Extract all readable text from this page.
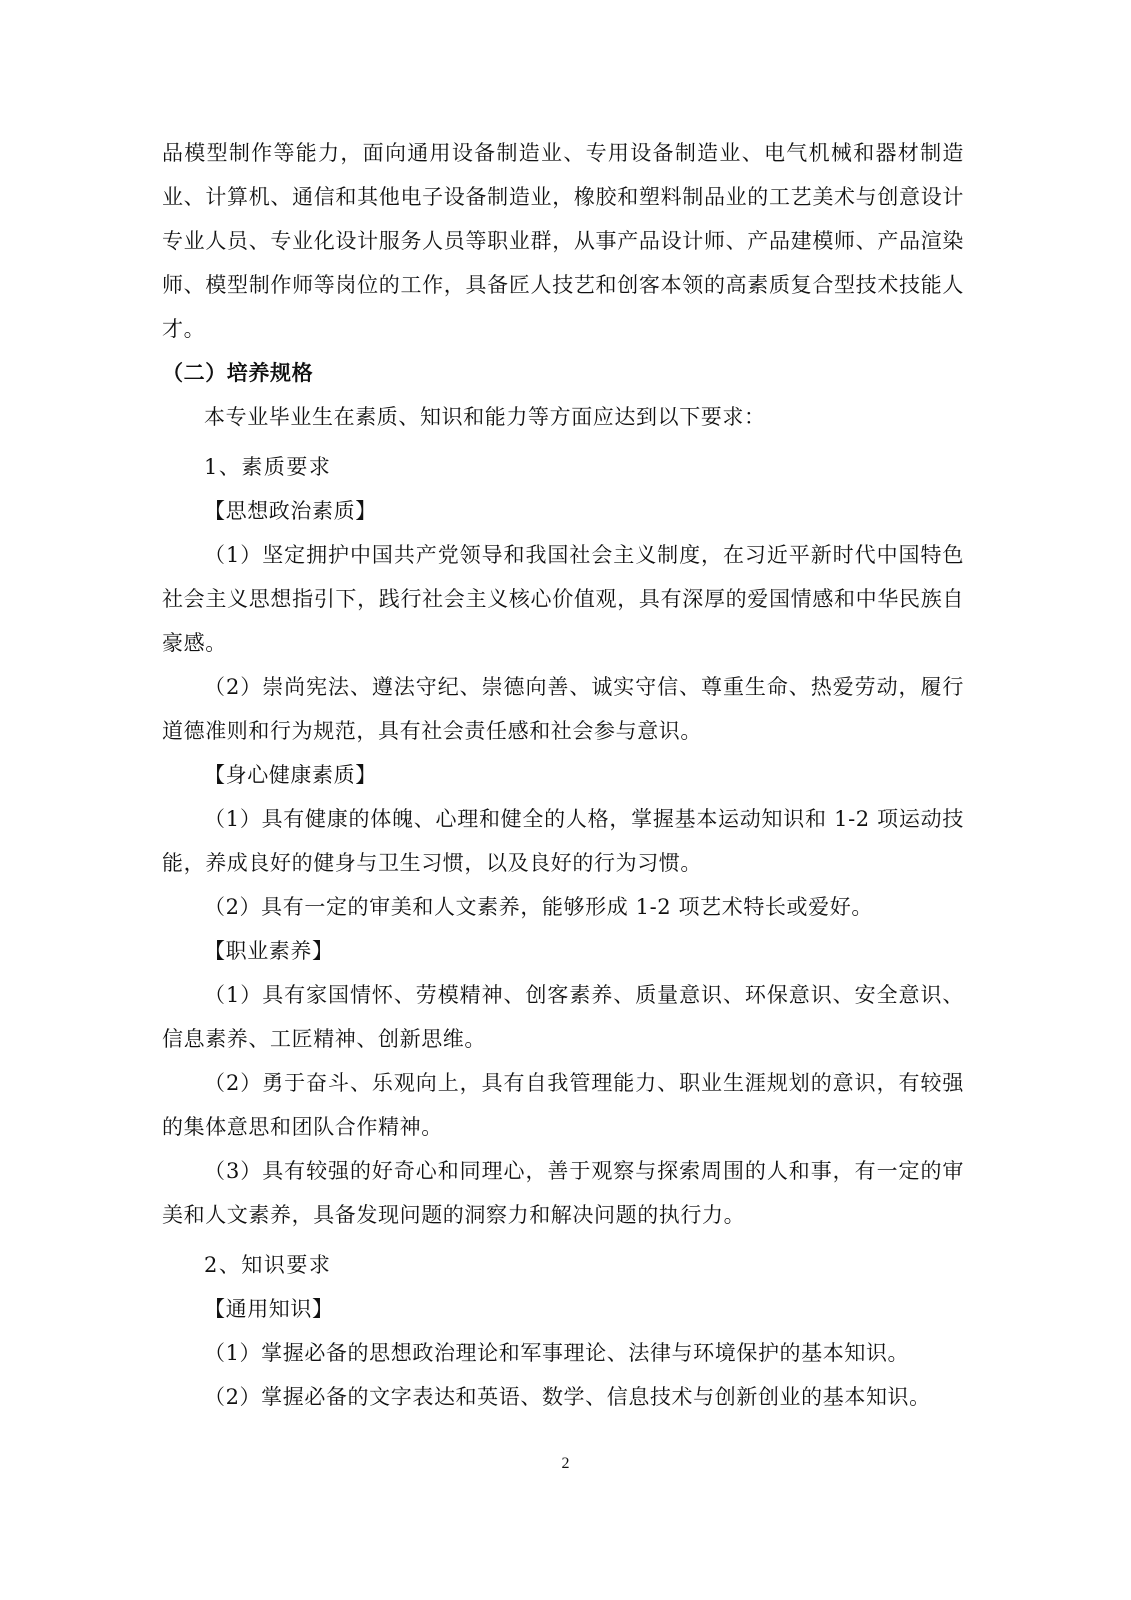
品模型制作等能力，面向通用设备制造业、专用设备制造业、电气机械和器材制造业、计算机、通信和其他电子设备制造业，橡胶和塑料制品业的工艺美术与创意设计专业人员、专业化设计服务人员等职业群，从事产品设计师、产品建模师、产品渲染师、模型制作师等岗位的工作，具备匠人技艺和创客本领的高素质复合型技术技能人才。

（二）培养规格

本专业毕业生在素质、知识和能力等方面应达到以下要求：

1、素质要求

【思想政治素质】

（1）坚定拥护中国共产党领导和我国社会主义制度，在习近平新时代中国特色社会主义思想指引下，践行社会主义核心价值观，具有深厚的爱国情感和中华民族自豪感。

（2）崇尚宪法、遵法守纪、崇德向善、诚实守信、尊重生命、热爱劳动，履行道德准则和行为规范，具有社会责任感和社会参与意识。

【身心健康素质】

（1）具有健康的体魄、心理和健全的人格，掌握基本运动知识和 1-2 项运动技能，养成良好的健身与卫生习惯，以及良好的行为习惯。

（2）具有一定的审美和人文素养，能够形成 1-2 项艺术特长或爱好。

【职业素养】

（1）具有家国情怀、劳模精神、创客素养、质量意识、环保意识、安全意识、信息素养、工匠精神、创新思维。

（2）勇于奋斗、乐观向上，具有自我管理能力、职业生涯规划的意识，有较强的集体意思和团队合作精神。

（3）具有较强的好奇心和同理心，善于观察与探索周围的人和事，有一定的审美和人文素养，具备发现问题的洞察力和解决问题的执行力。

2、知识要求

【通用知识】

（1）掌握必备的思想政治理论和军事理论、法律与环境保护的基本知识。

（2）掌握必备的文字表达和英语、数学、信息技术与创新创业的基本知识。

2
